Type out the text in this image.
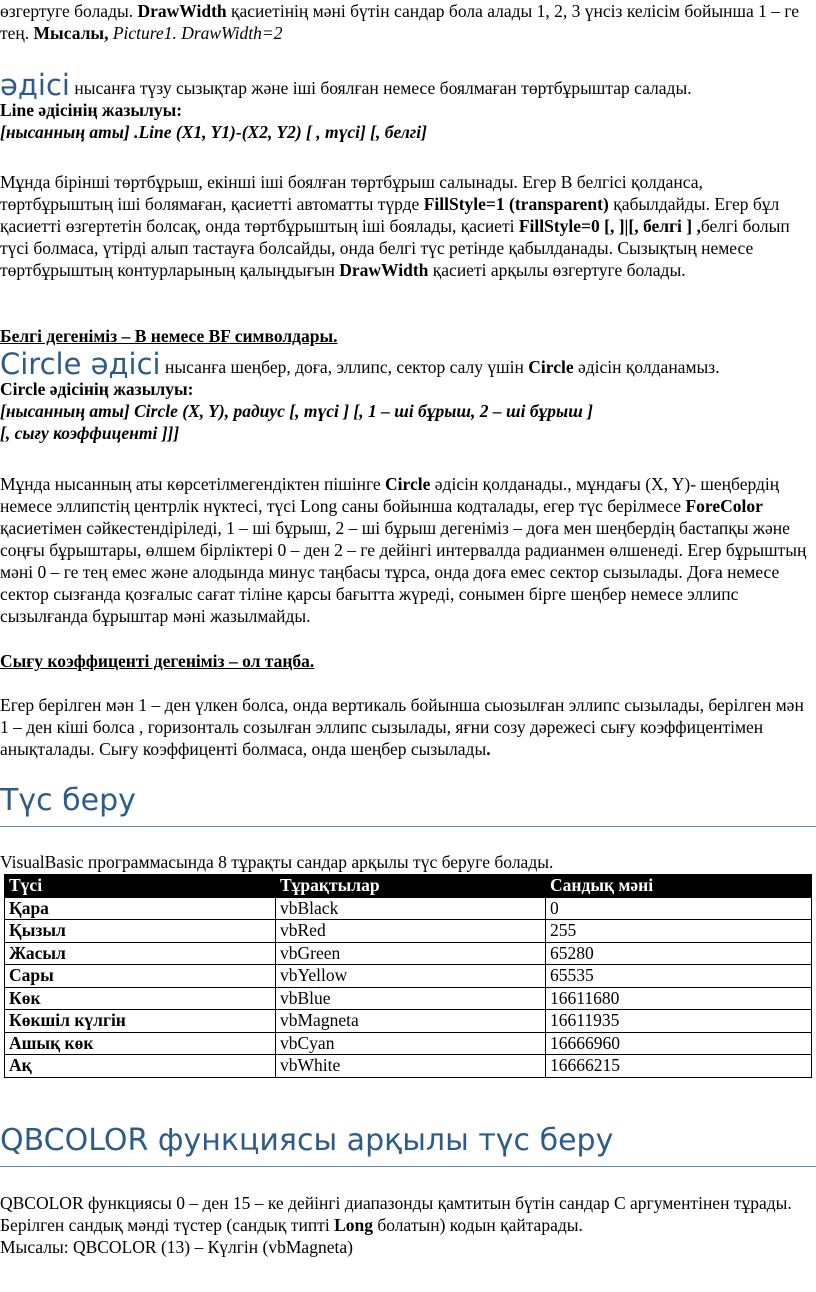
өзгертуге болады. DrawWidth қасиетінің мәні бүтін сандар бола алады 1, 2, 3 үнсіз келісім бойынша 1 – ге тең. Мысалы, Picture1. DrawWidth=2

әдісі нысанға түзу сызықтар және іші боялған немесе боялмаған төртбұрыштар салады.

Line әдісінің жазылуы:

[нысанның аты] .Line (X1, Y1)-(X2, Y2) [ , түсі] [, белгі]

Мұнда бірінші төртбұрыш, екінші іші боялған төртбұрыш салынады. Егер В белгісі қолданса, төртбұрыштың іші болямаған, қасиетті автоматты түрде FillStyle=1 (transparent) қабылдайды. Егер бұл қасиетті өзгертетін болсақ, онда төртбұрыштың іші боялады, қасиеті FillStyle=0 [, ]|[, белгі ] ,белгі болып түсі болмаса, үтірді алып тастауға болсайды, онда белгі түс ретінде қабылданады. Сызықтың немесе төртбұрыштың контурларының қалыңдығын DrawWidth қасиеті арқылы өзгертуге болады.

Белгі дегеніміз – В немесе BF символдары.

Circle әдісі нысанға шеңбер, доға, эллипс, сектор салу үшін Circle әдісін қолданамыз.

Circle әдісінің жазылуы:

[нысанның аты] Circle (X, Y), радиус [, түсі ] [, 1 – ші бұрыш, 2 – ші бұрыш ]

[, сығу коэффиценті ]]]

Мұнда нысанның аты көрсетілмегендіктен пішінге Circle әдісін қолданады., мұндағы (X, Y)- шеңбердің немесе эллипстің центрлік нүктесі, түсі Long саны бойынша кодталады, егер түс берілмесе ForeColor қасиетімен сәйкестендіріледі, 1 – ші бұрыш, 2 – ші бұрыш дегеніміз – доға мен шеңбердің бастапқы және соңғы бұрыштары, өлшем бірліктері 0 – ден 2 – ге дейінгі интервалда радианмен өлшенеді. Егер бұрыштың мәні 0 – ге тең емес және алодында минус таңбасы тұрса, онда доға емес сектор сызылады. Доға немесе сектор сызғанда қозғалыс сағат тіліне қарсы бағытта жүреді, сонымен бірге шеңбер немесе эллипс сызылғанда бұрыштар мәні жазылмайды.

Сығу коэффиценті дегеніміз – ол таңба.

Егер берілген мән 1 – ден үлкен болса, онда вертикаль бойынша сыозылған эллипс сызылады, берілген мән 1 – ден кіші болса , горизонталь созылған эллипс сызылады, яғни созу дәрежесі сығу коэффицентімен анықталады. Сығу коэффиценті болмаса, онда шеңбер сызылады.

Түс беру

VisualBasic программасында 8 тұрақты сандар арқылы түс беруге болады.

Түсі	Тұрақтылар	Сандық мәні
Қара	vbBlack	0
Қызыл	vbRed	255
Жасыл	vbGreen	65280
Сары	vbYellow	65535
Көк	vbBlue	16611680
Көкшіл күлгін	vbMagneta	16611935
Ашық көк	vbCyan	16666960
Ақ	vbWhite	16666215
QBCOLOR функциясы арқылы түс беру

QBCOLOR функциясы 0 – ден 15 – ке дейінгі диапазонды қамтитын бүтін сандар С аргументінен тұрады. Берілген сандық мәнді түстер (сандық типті Long болатын) кодын қайтарады.

Мысалы: QBCOLOR (13) – Күлгін (vbMagneta)
